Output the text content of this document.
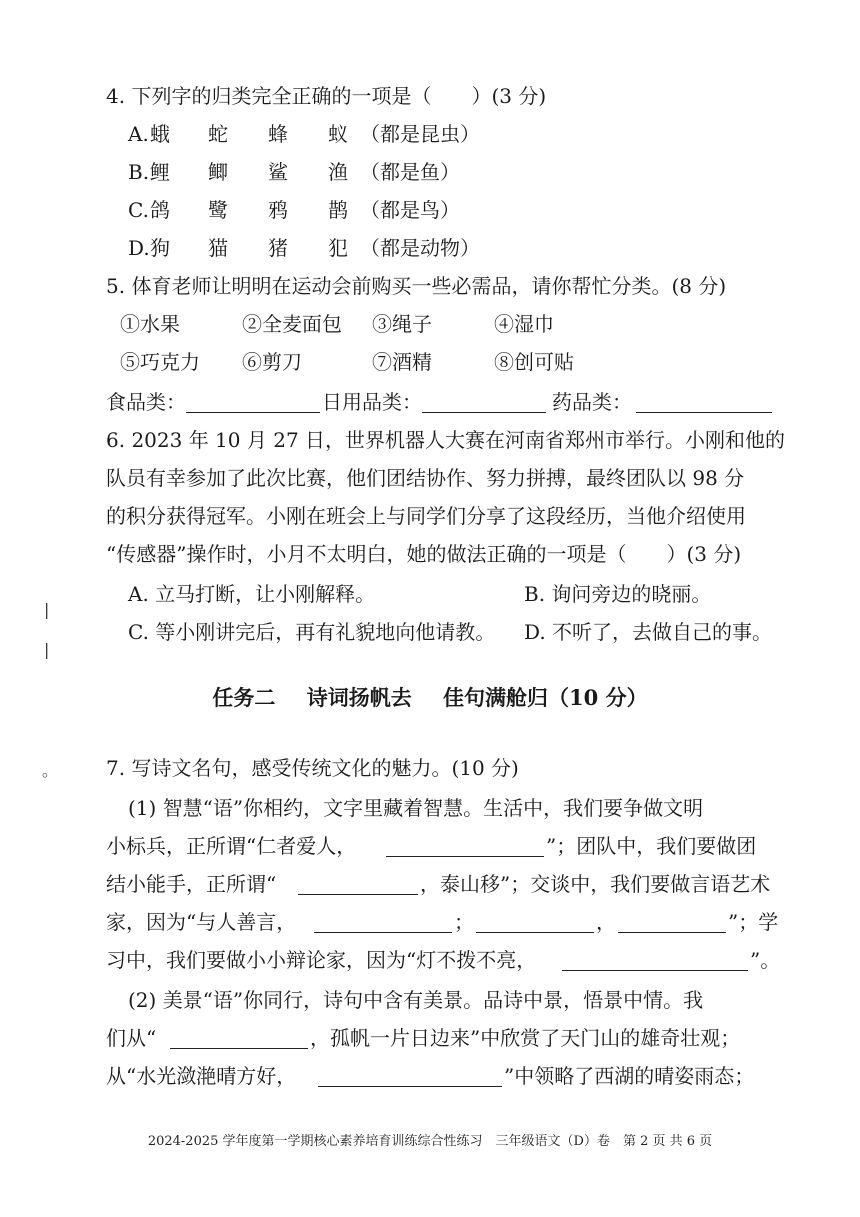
|
|
。
4. 下列字的归类完全正确的一项是（　　）(3 分)
A. 蛾 蛇 蜂 蚁 （都是昆虫）
B. 鲤 鲫 鲨 渔 （都是鱼）
C. 鸽 鹭 鸦 鹊 （都是鸟）
D. 狗 猫 猪 犯 （都是动物）
5. 体育老师让明明在运动会前购买一些必需品，请你帮忙分类。(8 分)
①水果	②全麦面包 ③绳子	④湿巾
⑤巧克力 ⑥剪刀	⑦酒精	⑧创可贴
食品类：	日用品类：	药品类：
6. 2023 年 10 月 27 日，世界机器人大赛在河南省郑州市举行。小刚和他的
队员有幸参加了此次比赛，他们团结协作、努力拼搏，最终团队以 98 分
的积分获得冠军。小刚在班会上与同学们分享了这段经历，当他介绍使用
“传感器”操作时，小月不太明白，她的做法正确的一项是（　　）(3 分)
A. 立马打断，让小刚解释。	B. 询问旁边的晓丽。
C. 等小刚讲完后，再有礼貌地向他请教。 D. 不听了，去做自己的事。
任务二 诗词扬帆去 佳句满舱归（10 分）
7. 写诗文名句，感受传统文化的魅力。(10 分)
(1) 智慧“语”你相约，文字里藏着智慧。生活中，我们要争做文明
小标兵，正所谓“仁者爱人，	”；团队中，我们要做团
结小能手，正所谓“	，泰山移”；交谈中，我们要做言语艺术
家，因为“与人善言，	；	，	”；学
习中，我们要做小小辩论家，因为“灯不拨不亮，	”。
(2) 美景“语”你同行，诗句中含有美景。品诗中景，悟景中情。我
们从“	，孤帆一片日边来”中欣赏了天门山的雄奇壮观；
从“水光潋滟晴方好，	”中领略了西湖的晴姿雨态；
2024-2025 学年度第一学期核心素养培育训练综合性练习　三年级语文（D）卷　第 2 页 共 6 页
